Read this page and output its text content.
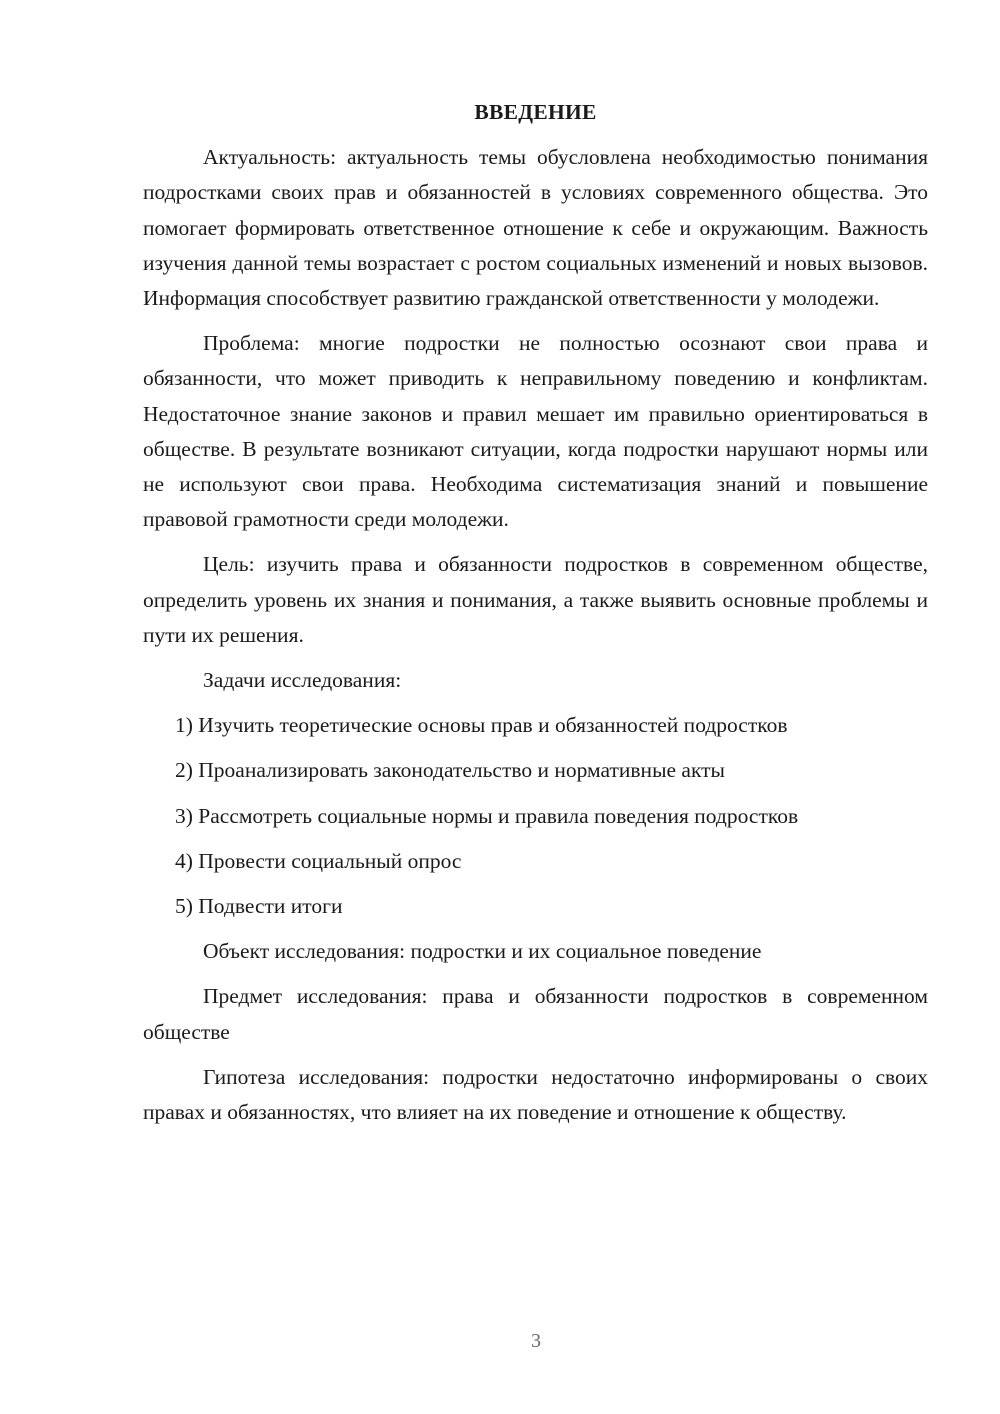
ВВЕДЕНИЕ

Актуальность: актуальность темы обусловлена необходимостью понимания подростками своих прав и обязанностей в условиях современного общества. Это помогает формировать ответственное отношение к себе и окружающим. Важность изучения данной темы возрастает с ростом социальных изменений и новых вызовов. Информация способствует развитию гражданской ответственности у молодежи.

Проблема: многие подростки не полностью осознают свои права и обязанности, что может приводить к неправильному поведению и конфликтам. Недостаточное знание законов и правил мешает им правильно ориентироваться в обществе. В результате возникают ситуации, когда подростки нарушают нормы или не используют свои права. Необходима систематизация знаний и повышение правовой грамотности среди молодежи.

Цель: изучить права и обязанности подростков в современном обществе, определить уровень их знания и понимания, а также выявить основные проблемы и пути их решения.

Задачи исследования:

1) Изучить теоретические основы прав и обязанностей подростков
2) Проанализировать законодательство и нормативные акты
3) Рассмотреть социальные нормы и правила поведения подростков
4) Провести социальный опрос
5) Подвести итоги

Объект исследования: подростки и их социальное поведение

Предмет исследования: права и обязанности подростков в современном обществе

Гипотеза исследования: подростки недостаточно информированы о своих правах и обязанностях, что влияет на их поведение и отношение к обществу.

3
